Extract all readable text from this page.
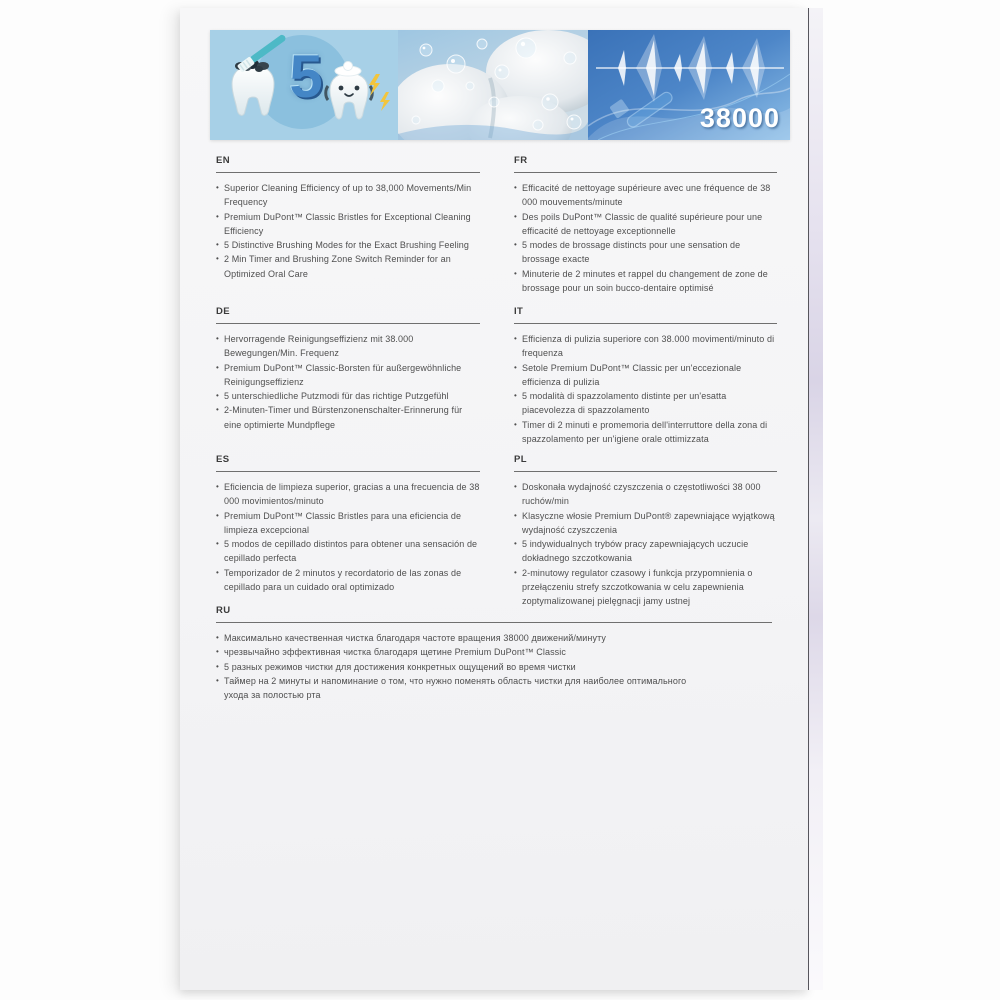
5
38000
EN
• Superior Cleaning Efficiency of up to 38,000 Movements/Min Frequency
• Premium DuPont™ Classic Bristles for Exceptional Cleaning Efficiency
• 5 Distinctive Brushing Modes for the Exact Brushing Feeling
• 2 Min Timer and Brushing Zone Switch Reminder for an Optimized Oral Care
FR
• Efficacité de nettoyage supérieure avec une fréquence de 38 000 mouvements/minute
• Des poils DuPont™ Classic de qualité supérieure pour une efficacité de nettoyage exceptionnelle
• 5 modes de brossage distincts pour une sensation de brossage exacte
• Minuterie de 2 minutes et rappel du changement de zone de brossage pour un soin bucco-dentaire optimisé
DE
• Hervorragende Reinigungseffizienz mit 38.000 Bewegungen/Min. Frequenz
• Premium DuPont™ Classic-Borsten für außergewöhnliche Reinigungseffizienz
• 5 unterschiedliche Putzmodi für das richtige Putzgefühl
• 2-Minuten-Timer und Bürstenzonenschalter-Erinnerung für eine optimierte Mundpflege
IT
• Efficienza di pulizia superiore con 38.000 movimenti/minuto di frequenza
• Setole Premium DuPont™ Classic per un'eccezionale efficienza di pulizia
• 5 modalità di spazzolamento distinte per un'esatta piacevolezza di spazzolamento
• Timer di 2 minuti e promemoria dell'interruttore della zona di spazzolamento per un'igiene orale ottimizzata
ES
• Eficiencia de limpieza superior, gracias a una frecuencia de 38 000 movimientos/minuto
• Premium DuPont™ Classic Bristles para una eficiencia de limpieza excepcional
• 5 modos de cepillado distintos para obtener una sensación de cepillado perfecta
• Temporizador de 2 minutos y recordatorio de las zonas de cepillado para un cuidado oral optimizado
PL
• Doskonała wydajność czyszczenia o częstotliwości 38 000 ruchów/min
• Klasyczne włosie Premium DuPont® zapewniające wyjątkową wydajność czyszczenia
• 5 indywidualnych trybów pracy zapewniających uczucie dokładnego szczotkowania
• 2-minutowy regulator czasowy i funkcja przypomnienia o przełączeniu strefy szczotkowania w celu zapewnienia zoptymalizowanej pielęgnacji jamy ustnej
RU
• Максимально качественная чистка благодаря частоте вращения 38000 движений/минуту
• чрезвычайно эффективная чистка благодаря щетине Premium DuPont™ Classic
• 5 разных режимов чистки для достижения конкретных ощущений во время чистки
• Таймер на 2 минуты и напоминание о том, что нужно поменять область чистки для наиболее оптимального ухода за полостью рта
